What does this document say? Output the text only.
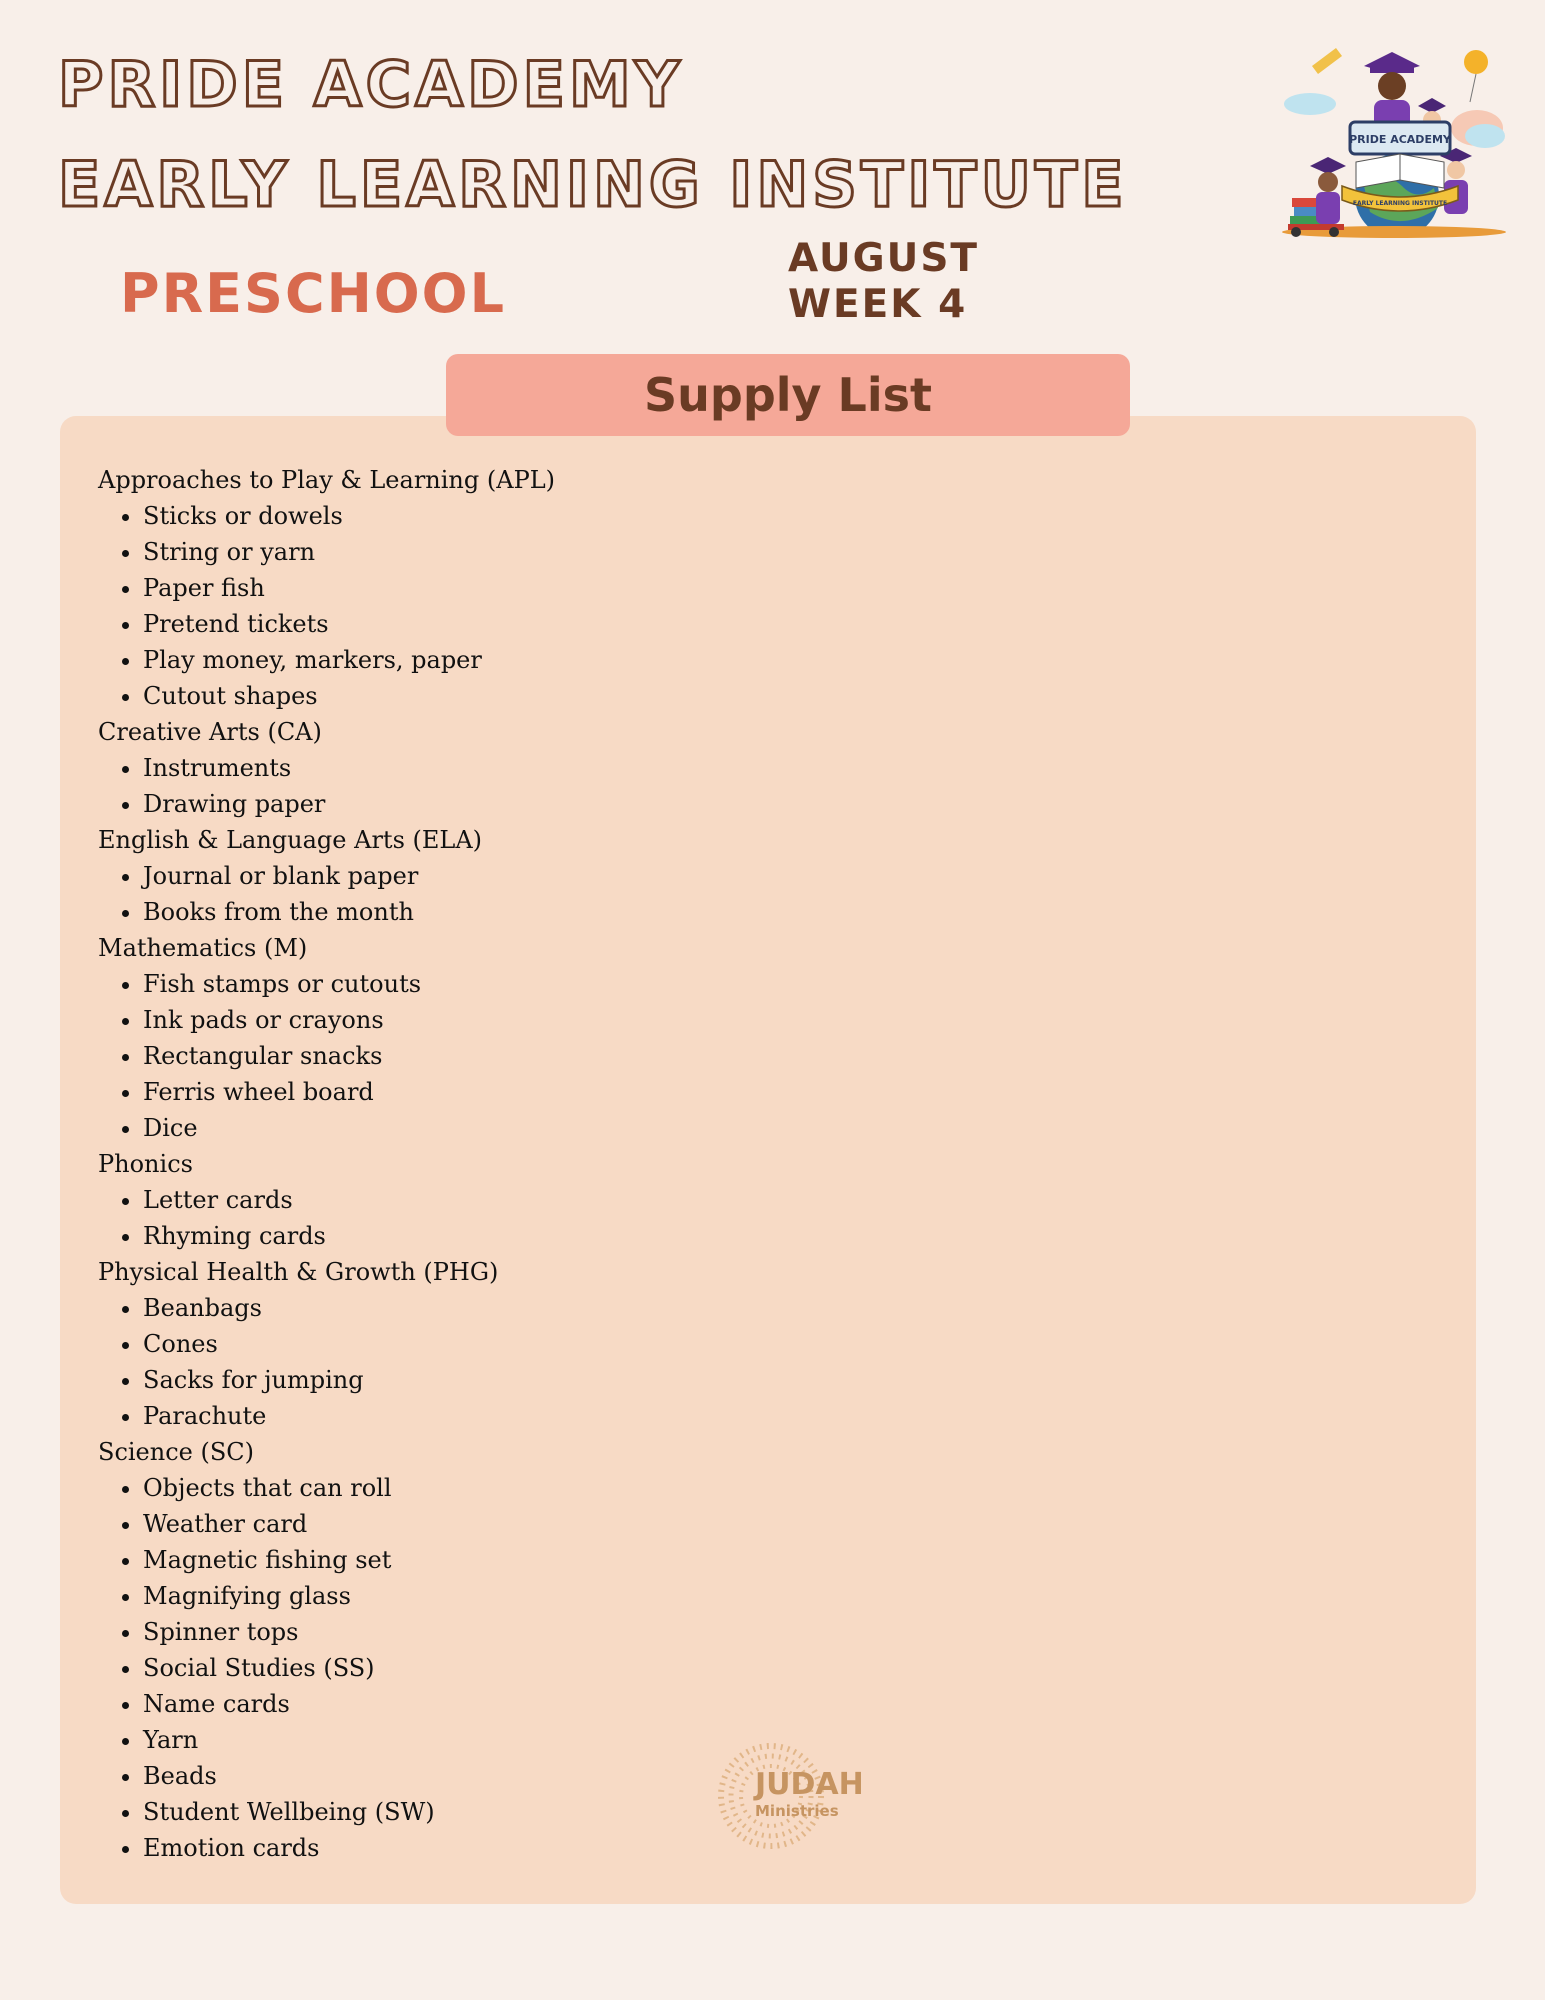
PRIDE ACADEMY
EARLY LEARNING INSTITUTE
PRESCHOOL
AUGUST
WEEK 4
PRIDE ACADEMY
EARLY LEARNING INSTITUTE
Supply List
Approaches to Play & Learning (APL)
• Sticks or dowels
• String or yarn
• Paper fish
• Pretend tickets
• Play money, markers, paper
• Cutout shapes
Creative Arts (CA)
• Instruments
• Drawing paper
English & Language Arts (ELA)
• Journal or blank paper
• Books from the month
Mathematics (M)
• Fish stamps or cutouts
• Ink pads or crayons
• Rectangular snacks
• Ferris wheel board
• Dice
Phonics
• Letter cards
• Rhyming cards
Physical Health & Growth (PHG)
• Beanbags
• Cones
• Sacks for jumping
• Parachute
Science (SC)
• Objects that can roll
• Weather card
• Magnetic fishing set
• Magnifying glass
• Spinner tops
• Social Studies (SS)
• Name cards
• Yarn
• Beads
• Student Wellbeing (SW)
• Emotion cards
JUDAH
Ministries
